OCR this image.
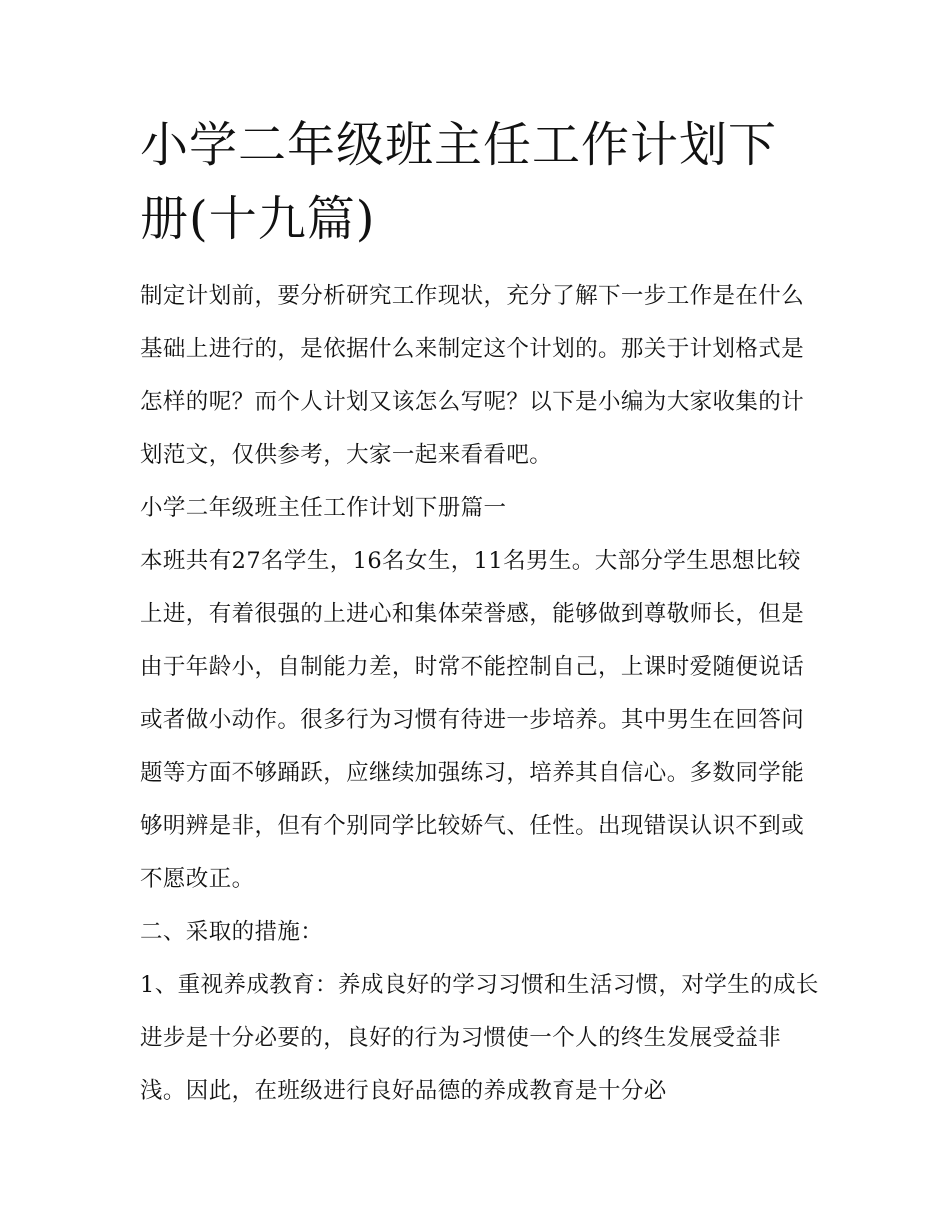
小学二年级班主任工作计划下册(十九篇)

制定计划前，要分析研究工作现状，充分了解下一步工作是在什么基础上进行的，是依据什么来制定这个计划的。那关于计划格式是怎样的呢？而个人计划又该怎么写呢？以下是小编为大家收集的计划范文，仅供参考，大家一起来看看吧。

小学二年级班主任工作计划下册篇一

本班共有27名学生，16名女生，11名男生。大部分学生思想比较上进，有着很强的上进心和集体荣誉感，能够做到尊敬师长，但是由于年龄小，自制能力差，时常不能控制自己，上课时爱随便说话或者做小动作。很多行为习惯有待进一步培养。其中男生在回答问题等方面不够踊跃，应继续加强练习，培养其自信心。多数同学能够明辨是非，但有个别同学比较娇气、任性。出现错误认识不到或不愿改正。

二、采取的措施：

1、重视养成教育：养成良好的学习习惯和生活习惯，对学生的成长进步是十分必要的，良好的行为习惯使一个人的终生发展受益非浅。因此，在班级进行良好品德的养成教育是十分必
